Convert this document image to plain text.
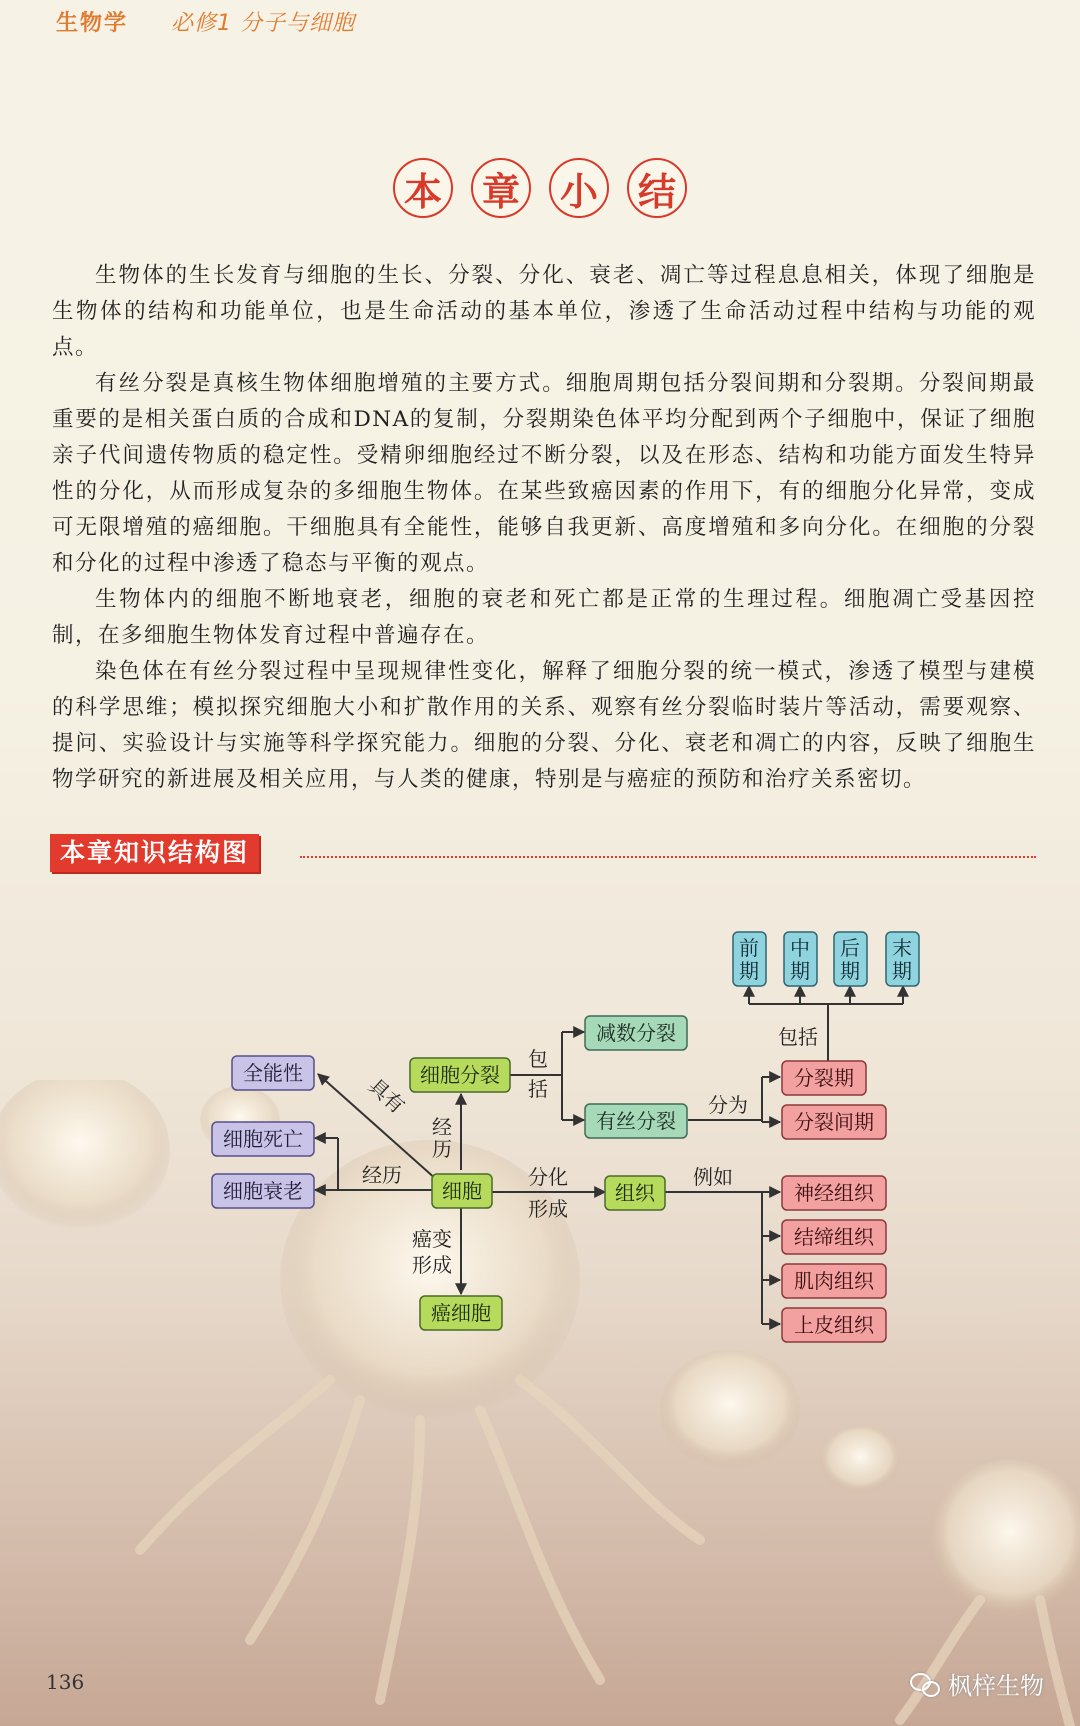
生物学 必修1 分子与细胞
本 章 小 结

生物体的生长发育与细胞的生长、分裂、分化、衰老、凋亡等过程息息相关，体现了细胞是生物体的结构和功能单位，也是生命活动的基本单位，渗透了生命活动过程中结构与功能的观点。

有丝分裂是真核生物体细胞增殖的主要方式。细胞周期包括分裂间期和分裂期。分裂间期最重要的是相关蛋白质的合成和DNA的复制，分裂期染色体平均分配到两个子细胞中，保证了细胞亲子代间遗传物质的稳定性。受精卵细胞经过不断分裂，以及在形态、结构和功能方面发生特异性的分化，从而形成复杂的多细胞生物体。在某些致癌因素的作用下，有的细胞分化异常，变成可无限增殖的癌细胞。干细胞具有全能性，能够自我更新、高度增殖和多向分化。在细胞的分裂和分化的过程中渗透了稳态与平衡的观点。

生物体内的细胞不断地衰老，细胞的衰老和死亡都是正常的生理过程。细胞凋亡受基因控制，在多细胞生物体发育过程中普遍存在。

染色体在有丝分裂过程中呈现规律性变化，解释了细胞分裂的统一模式，渗透了模型与建模的科学思维；模拟探究细胞大小和扩散作用的关系、观察有丝分裂临时装片等活动，需要观察、提问、实验设计与实施等科学探究能力。细胞的分裂、分化、衰老和凋亡的内容，反映了细胞生物学研究的新进展及相关应用，与人类的健康，特别是与癌症的预防和治疗关系密切。

本章知识结构图
包
括
分为
包括
具有
经
历
经历	分化
形成
例如
癌变
形成
细胞
细胞分裂
组织
癌细胞
减数分裂
有丝分裂
全能性
细胞死亡
细胞衰老
分裂期
分裂间期
神经组织
结缔组织
肌肉组织
上皮组织
前
期
中
期
后
期
末
期
136	枫梓生物
